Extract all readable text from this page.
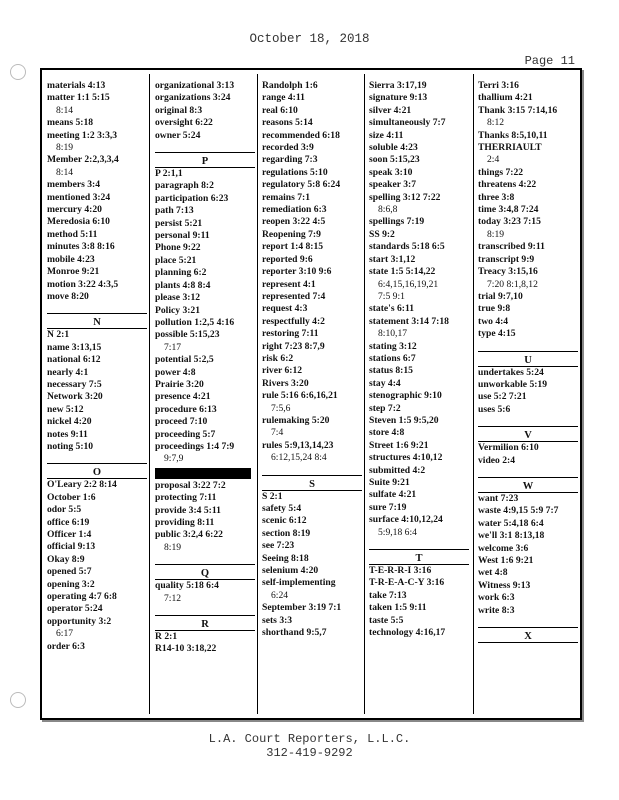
October 18, 2018
Page 11
materials 4:13
matter 1:1 5:15
8:14
means 5:18
meeting 1:2 3:3,3
8:19
Member 2:2,3,3,4
8:14
members 3:4
mentioned 3:24
mercury 4:20
Meredosia 6:10
method 5:11
minutes 3:8 8:16
mobile 4:23
Monroe 9:21
motion 3:22 4:3,5
move 8:20
N
N 2:1
name 3:13,15
national 6:12
nearly 4:1
necessary 7:5
Network 3:20
new 5:12
nickel 4:20
notes 9:11
noting 5:10
O
O'Leary 2:2 8:14
October 1:6
odor 5:5
office 6:19
Officer 1:4
official 9:13
Okay 8:9
opened 5:7
opening 3:2
operating 4:7 6:8
operator 5:24
opportunity 3:2
6:17
order 6:3
organizational 3:13
organizations 3:24
original 8:3
oversight 6:22
owner 5:24
P
P 2:1,1
paragraph 8:2
participation 6:23
path 7:13
persist 5:21
personal 9:11
Phone 9:22
place 5:21
planning 6:2
plants 4:8 8:4
please 3:12
Policy 3:21
pollution 1:2,5 4:16
possible 5:15,23
7:17
potential 5:2,5
power 4:8
Prairie 3:20
presence 4:21
procedure 6:13
proceed 7:10
proceeding 5:7
proceedings 1:4 7:9
9:7,9
proposal 3:22 7:2
protecting 7:11
provide 3:4 5:11
providing 8:11
public 3:2,4 6:22
8:19
Q
quality 5:18 6:4
7:12
R
R 2:1
R14-10 3:18,22
Randolph 1:6
range 4:11
real 6:10
reasons 5:14
recommended 6:18
recorded 3:9
regarding 7:3
regulations 5:10
regulatory 5:8 6:24
remains 7:1
remediation 6:3
reopen 3:22 4:5
Reopening 7:9
report 1:4 8:15
reported 9:6
reporter 3:10 9:6
represent 4:1
represented 7:4
request 4:3
respectfully 4:2
restoring 7:11
right 7:23 8:7,9
risk 6:2
river 6:12
Rivers 3:20
rule 5:16 6:6,16,21
7:5,6
rulemaking 5:20
7:4
rules 5:9,13,14,23
6:12,15,24 8:4
S
S 2:1
safety 5:4
scenic 6:12
section 8:19
see 7:23
Seeing 8:18
selenium 4:20
self-implementing
6:24
September 3:19 7:1
sets 3:3
shorthand 9:5,7
Sierra 3:17,19
signature 9:13
silver 4:21
simultaneously 7:7
size 4:11
soluble 4:23
soon 5:15,23
speak 3:10
speaker 3:7
spelling 3:12 7:22
8:6,8
spellings 7:19
SS 9:2
standards 5:18 6:5
start 3:1,12
state 1:5 5:14,22
6:4,15,16,19,21
7:5 9:1
state's 6:11
statement 3:14 7:18
8:10,17
stating 3:12
stations 6:7
status 8:15
stay 4:4
stenographic 9:10
step 7:2
Steven 1:5 9:5,20
store 4:8
Street 1:6 9:21
structures 4:10,12
submitted 4:2
Suite 9:21
sulfate 4:21
sure 7:19
surface 4:10,12,24
5:9,18 6:4
T
T-E-R-R-I 3:16
T-R-E-A-C-Y 3:16
take 7:13
taken 1:5 9:11
taste 5:5
technology 4:16,17
Terri 3:16
thallium 4:21
Thank 3:15 7:14,16
8:12
Thanks 8:5,10,11
THERRIAULT
2:4
things 7:22
threatens 4:22
three 3:8
time 3:4,8 7:24
today 3:23 7:15
8:19
transcribed 9:11
transcript 9:9
Treacy 3:15,16
7:20 8:1,8,12
trial 9:7,10
true 9:8
two 4:4
type 4:15
U
undertakes 5:24
unworkable 5:19
use 5:2 7:21
uses 5:6
V
Vermilion 6:10
video 2:4
W
want 7:23
waste 4:9,15 5:9 7:7
water 5:4,18 6:4
we'll 3:1 8:13,18
welcome 3:6
West 1:6 9:21
wet 4:8
Witness 9:13
work 6:3
write 8:3
X
L.A. Court Reporters, L.L.C.
312-419-9292
